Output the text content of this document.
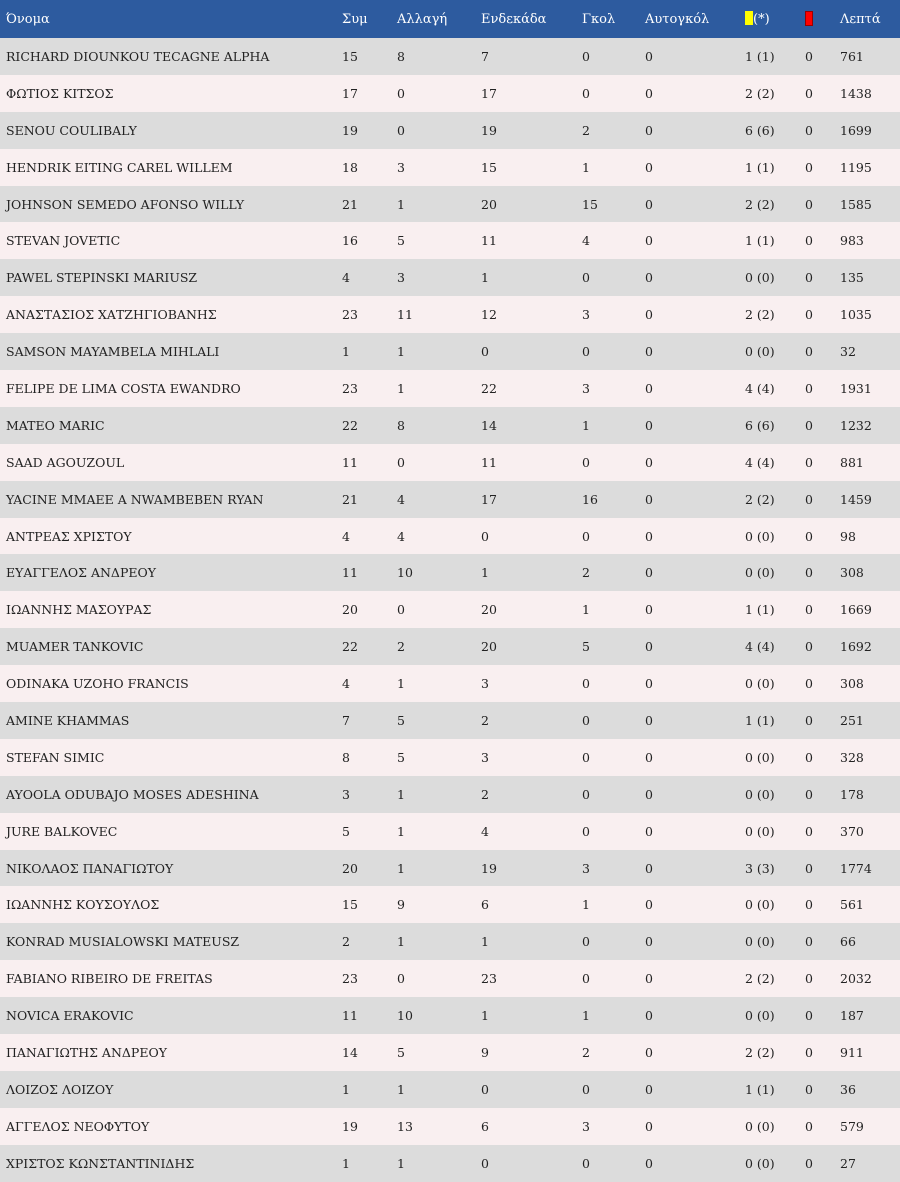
Όνομα	Συμ	Αλλαγή	Ενδεκάδα	Γκολ	Αυτογκόλ	(*)		Λεπτά
RICHARD DIOUNKOU TECAGNE ALPHA	15	8	7	0	0	1 (1)	0	761
ΦΩΤΙΟΣ ΚΙΤΣΟΣ	17	0	17	0	0	2 (2)	0	1438
SENOU COULIBALY	19	0	19	2	0	6 (6)	0	1699
HENDRIK EITING CAREL WILLEM	18	3	15	1	0	1 (1)	0	1195
JOHNSON SEMEDO AFONSO WILLY	21	1	20	15	0	2 (2)	0	1585
STEVAN JOVETIC	16	5	11	4	0	1 (1)	0	983
PAWEL STEPINSKI MARIUSZ	4	3	1	0	0	0 (0)	0	135
ΑΝΑΣΤΑΣΙΟΣ ΧΑΤΖΗΓΙΟΒΑΝΗΣ	23	11	12	3	0	2 (2)	0	1035
SAMSON MAYAMBELA MIHLALI	1	1	0	0	0	0 (0)	0	32
FELIPE DE LIMA COSTA EWANDRO	23	1	22	3	0	4 (4)	0	1931
MATEO MARIC	22	8	14	1	0	6 (6)	0	1232
SAAD AGOUZOUL	11	0	11	0	0	4 (4)	0	881
YACINE MMAEE A NWAMBEBEN RYAN	21	4	17	16	0	2 (2)	0	1459
ΑΝΤΡΕΑΣ ΧΡΙΣΤΟΥ	4	4	0	0	0	0 (0)	0	98
ΕΥΑΓΓΕΛΟΣ ΑΝΔΡΕΟΥ	11	10	1	2	0	0 (0)	0	308
ΙΩΑΝΝΗΣ ΜΑΣΟΥΡΑΣ	20	0	20	1	0	1 (1)	0	1669
MUAMER TANKOVIC	22	2	20	5	0	4 (4)	0	1692
ODINAKA UZOHO FRANCIS	4	1	3	0	0	0 (0)	0	308
AMINE KHAMMAS	7	5	2	0	0	1 (1)	0	251
STEFAN SIMIC	8	5	3	0	0	0 (0)	0	328
AYOOLA ODUBAJO MOSES ADESHINA	3	1	2	0	0	0 (0)	0	178
JURE BALKOVEC	5	1	4	0	0	0 (0)	0	370
ΝΙΚΟΛΑΟΣ ΠΑΝΑΓΙΩΤΟΥ	20	1	19	3	0	3 (3)	0	1774
ΙΩΑΝΝΗΣ ΚΟΥΣΟΥΛΟΣ	15	9	6	1	0	0 (0)	0	561
KONRAD MUSIALOWSKI MATEUSZ	2	1	1	0	0	0 (0)	0	66
FABIANO RIBEIRO DE FREITAS	23	0	23	0	0	2 (2)	0	2032
NOVICA ERAKOVIC	11	10	1	1	0	0 (0)	0	187
ΠΑΝΑΓΙΩΤΗΣ ΑΝΔΡΕΟΥ	14	5	9	2	0	2 (2)	0	911
ΛΟΙΖΟΣ ΛΟΙΖΟΥ	1	1	0	0	0	1 (1)	0	36
ΑΓΓΕΛΟΣ ΝΕΟΦΥΤΟΥ	19	13	6	3	0	0 (0)	0	579
ΧΡΙΣΤΟΣ ΚΩΝΣΤΑΝΤΙΝΙΔΗΣ	1	1	0	0	0	0 (0)	0	27
